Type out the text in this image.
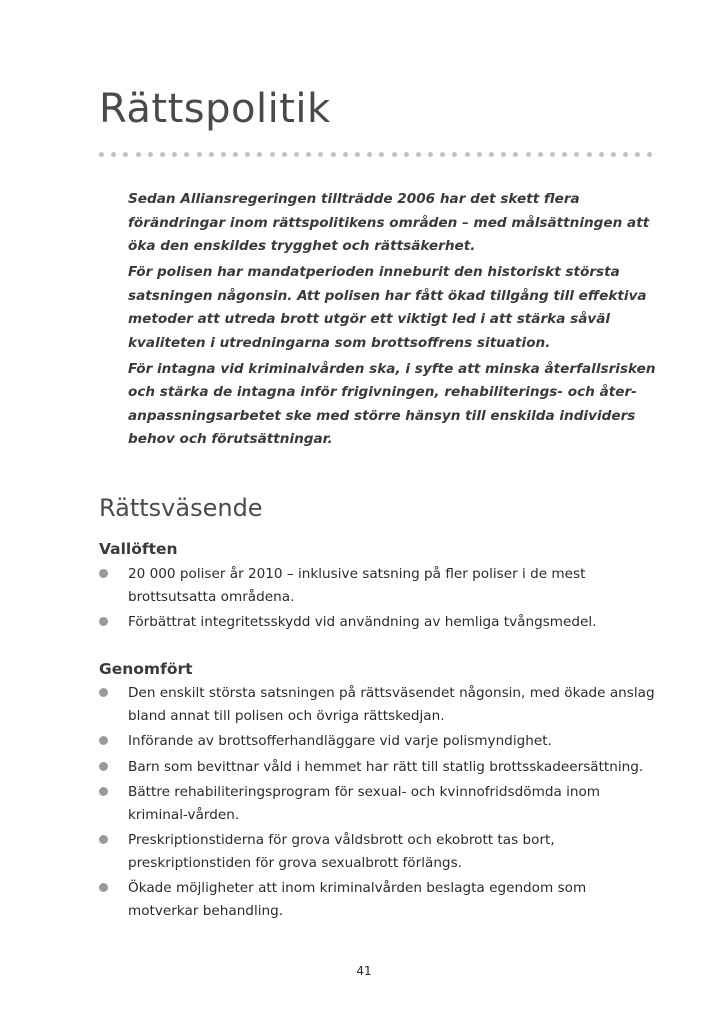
Rättspolitik

Sedan Alliansregeringen tillträdde 2006 har det skett flera förändringar inom rättspolitikens områden – med målsättningen att öka den enskildes trygghet och rättsäkerhet.

För polisen har mandatperioden inneburit den historiskt största satsningen någonsin. Att polisen har fått ökad tillgång till effektiva metoder att utreda brott utgör ett viktigt led i att stärka såväl kvaliteten i utredningarna som brottsoffrens situation.

För intagna vid kriminalvården ska, i syfte att minska återfallsrisken och stärka de intagna inför frigivningen, rehabiliterings- och åter-anpassningsarbetet ske med större hänsyn till enskilda individers behov och förutsättningar.

Rättsväsende
Vallöften
20 000 poliser år 2010 – inklusive satsning på fler poliser i de mest brottsutsatta områdena.
Förbättrat integritetsskydd vid användning av hemliga tvångsmedel.
Genomfört
Den enskilt största satsningen på rättsväsendet någonsin, med ökade anslag bland annat till polisen och övriga rättskedjan.
Införande av brottsofferhandläggare vid varje polismyndighet.
Barn som bevittnar våld i hemmet har rätt till statlig brottsskadeersättning.
Bättre rehabiliteringsprogram för sexual- och kvinnofridsdömda inom kriminal-vården.
Preskriptionstiderna för grova våldsbrott och ekobrott tas bort, preskriptionstiden för grova sexualbrott förlängs.
Ökade möjligheter att inom kriminalvården beslagta egendom som motverkar behandling.
41
